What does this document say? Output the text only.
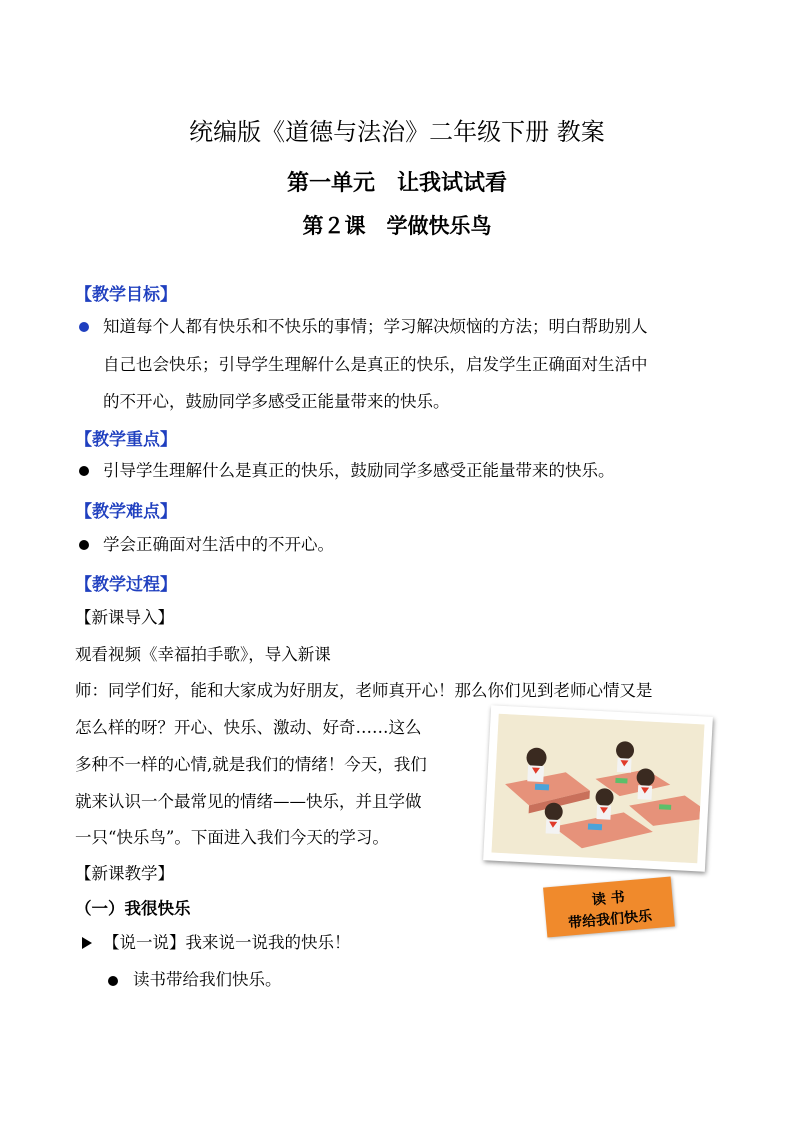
统编版《道德与法治》二年级下册 教案
第一单元　让我试试看
第２课　学做快乐鸟
【教学目标】
知道每个人都有快乐和不快乐的事情；学习解决烦恼的方法；明白帮助别人
自己也会快乐；引导学生理解什么是真正的快乐，启发学生正确面对生活中
的不开心，鼓励同学多感受正能量带来的快乐。
【教学重点】
引导学生理解什么是真正的快乐，鼓励同学多感受正能量带来的快乐。
【教学难点】
学会正确面对生活中的不开心。
【教学过程】
【新课导入】
观看视频《幸福拍手歌》，导入新课
师：同学们好，能和大家成为好朋友，老师真开心！那么你们见到老师心情又是
怎么样的呀？开心、快乐、激动、好奇……这么
多种不一样的心情,就是我们的情绪！今天，我们
就来认识一个最常见的情绪——快乐，并且学做
一只“快乐鸟”。下面进入我们今天的学习。
【新课教学】
（一）我很快乐
【说一说】我来说一说我的快乐！
读书带给我们快乐。
读 书
带给我们快乐
